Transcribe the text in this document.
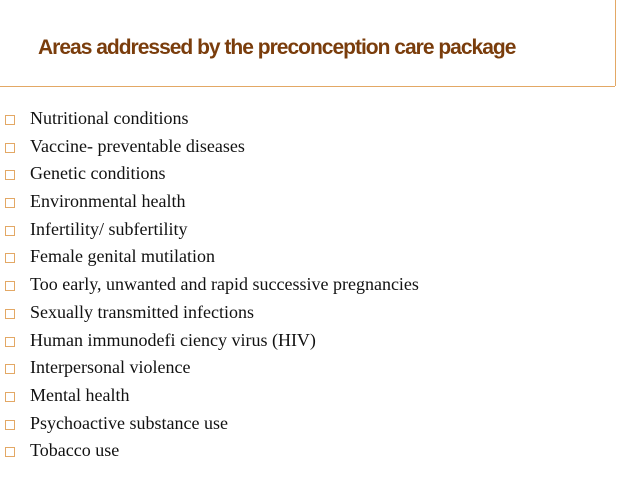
Areas addressed by the preconception care package
Nutritional conditions
Vaccine- preventable diseases
Genetic conditions
Environmental health
Infertility/ subfertility
Female genital mutilation
Too early, unwanted and rapid successive pregnancies
Sexually transmitted infections
Human immunodefi ciency virus (HIV)
Interpersonal violence
Mental health
Psychoactive substance use
Tobacco use
